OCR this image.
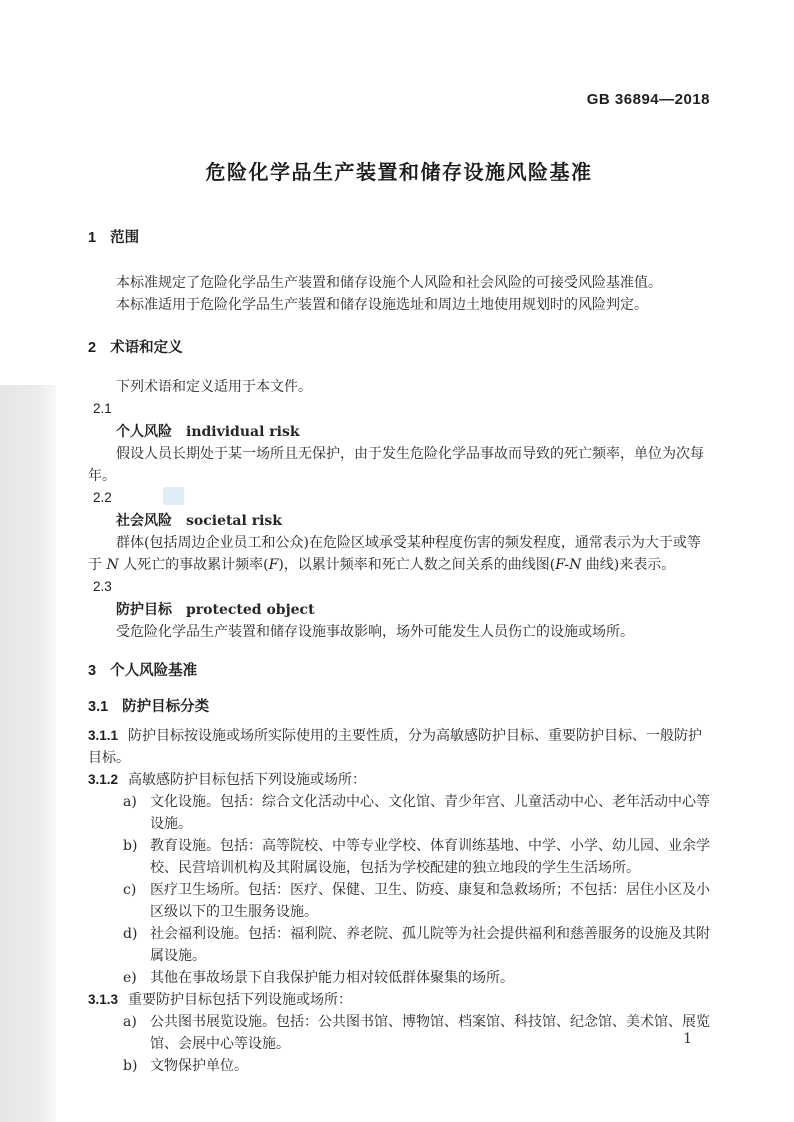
GB 36894—2018
危险化学品生产装置和储存设施风险基准
1 范围

本标准规定了危险化学品生产装置和储存设施个人风险和社会风险的可接受风险基准值。

本标准适用于危险化学品生产装置和储存设施选址和周边土地使用规划时的风险判定。

2 术语和定义

下列术语和定义适用于本文件。

2.1
个人风险 individual risk

假设人员长期处于某一场所且无保护，由于发生危险化学品事故而导致的死亡频率，单位为次每年。

2.2
社会风险 societal risk

群体(包括周边企业员工和公众)在危险区域承受某种程度伤害的频发程度，通常表示为大于或等于 N 人死亡的事故累计频率(F)，以累计频率和死亡人数之间关系的曲线图(F-N 曲线)来表示。

2.3
防护目标 protected object

受危险化学品生产装置和储存设施事故影响，场外可能发生人员伤亡的设施或场所。

3 个人风险基准
3.1 防护目标分类

3.1.1 防护目标按设施或场所实际使用的主要性质，分为高敏感防护目标、重要防护目标、一般防护目标。

3.1.2 高敏感防护目标包括下列设施或场所：

a) 文化设施。包括：综合文化活动中心、文化馆、青少年宫、儿童活动中心、老年活动中心等设施。
b) 教育设施。包括：高等院校、中等专业学校、体育训练基地、中学、小学、幼儿园、业余学校、民营培训机构及其附属设施，包括为学校配建的独立地段的学生生活场所。
c) 医疗卫生场所。包括：医疗、保健、卫生、防疫、康复和急救场所；不包括：居住小区及小区级以下的卫生服务设施。
d) 社会福利设施。包括：福利院、养老院、孤儿院等为社会提供福利和慈善服务的设施及其附属设施。
e) 其他在事故场景下自我保护能力相对较低群体聚集的场所。

3.1.3 重要防护目标包括下列设施或场所：

a) 公共图书展览设施。包括：公共图书馆、博物馆、档案馆、科技馆、纪念馆、美术馆、展览馆、会展中心等设施。
b) 文物保护单位。
1
